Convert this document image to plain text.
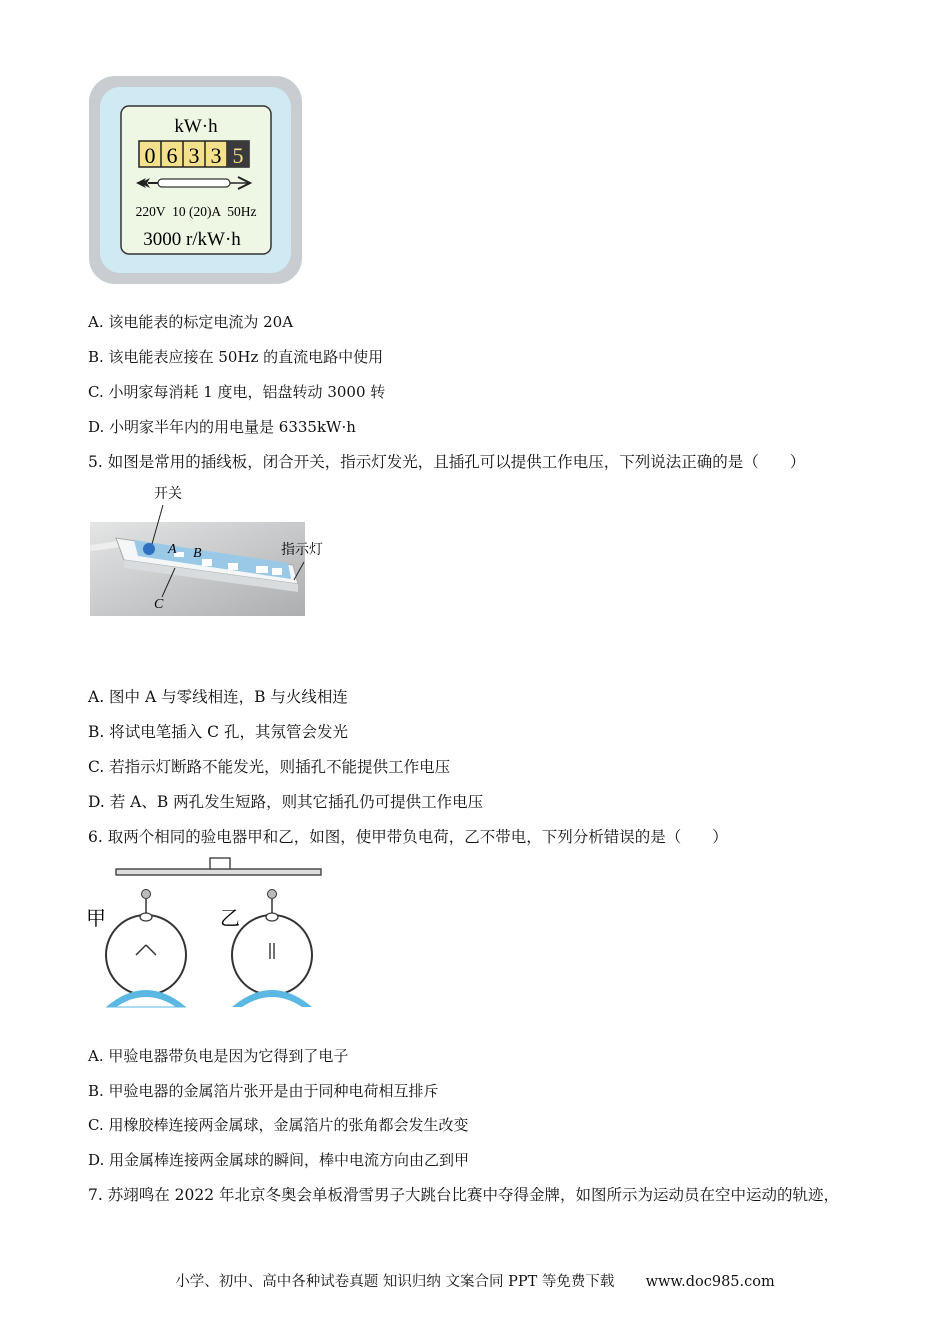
kW·h
0 6 3 3 5
220V  10 (20)A  50Hz
3000 r/kW·h
A. 该电能表的标定电流为 20A
B. 该电能表应接在 50Hz 的直流电路中使用
C. 小明家每消耗 1 度电，铝盘转动 3000 转
D. 小明家半年内的用电量是 6335kW·h
5. 如图是常用的插线板，闭合开关，指示灯发光，且插孔可以提供工作电压，下列说法正确的是（　　）
开关
指示灯
A B
C
A. 图中 A 与零线相连，B 与火线相连
B. 将试电笔插入 C 孔，其氖管会发光
C. 若指示灯断路不能发光，则插孔不能提供工作电压
D. 若 A、B 两孔发生短路，则其它插孔仍可提供工作电压
6. 取两个相同的验电器甲和乙，如图，使甲带负电荷，乙不带电，下列分析错误的是（　　）
甲	乙
A. 甲验电器带负电是因为它得到了电子
B. 甲验电器的金属箔片张开是由于同种电荷相互排斥
C. 用橡胶棒连接两金属球，金属箔片的张角都会发生改变
D. 用金属棒连接两金属球的瞬间，棒中电流方向由乙到甲
7. 苏翊鸣在 2022 年北京冬奥会单板滑雪男子大跳台比赛中夺得金牌，如图所示为运动员在空中运动的轨迹，
小学、初中、高中各种试卷真题 知识归纳 文案合同 PPT 等免费下载 www.doc985.com
